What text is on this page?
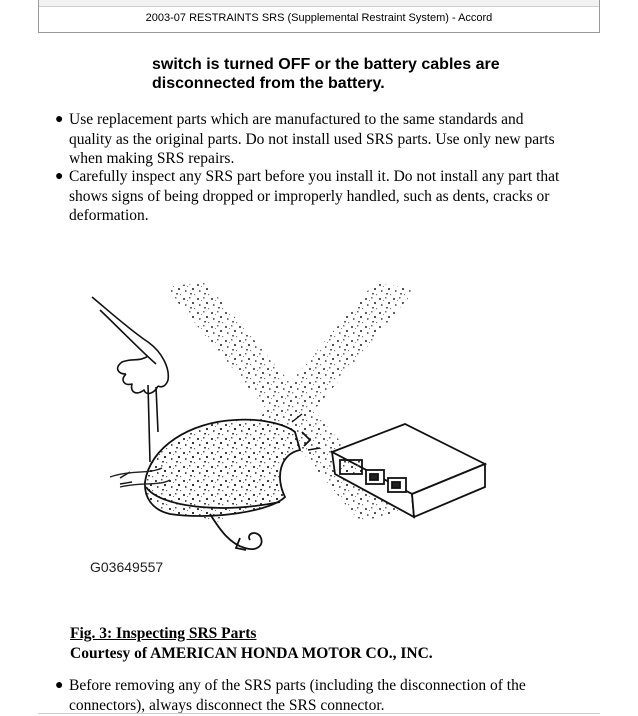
2003-07 RESTRAINTS SRS (Supplemental Restraint System) - Accord
switch is turned OFF or the battery cables are
disconnected from the battery.
● Use replacement parts which are manufactured to the same standards and
quality as the original parts. Do not install used SRS parts. Use only new parts
when making SRS repairs.
● Carefully inspect any SRS part before you install it. Do not install any part that
shows signs of being dropped or improperly handled, such as dents, cracks or
deformation.
G03649557
Fig. 3: Inspecting SRS Parts
Courtesy of AMERICAN HONDA MOTOR CO., INC.
● Before removing any of the SRS parts (including the disconnection of the
connectors), always disconnect the SRS connector.
